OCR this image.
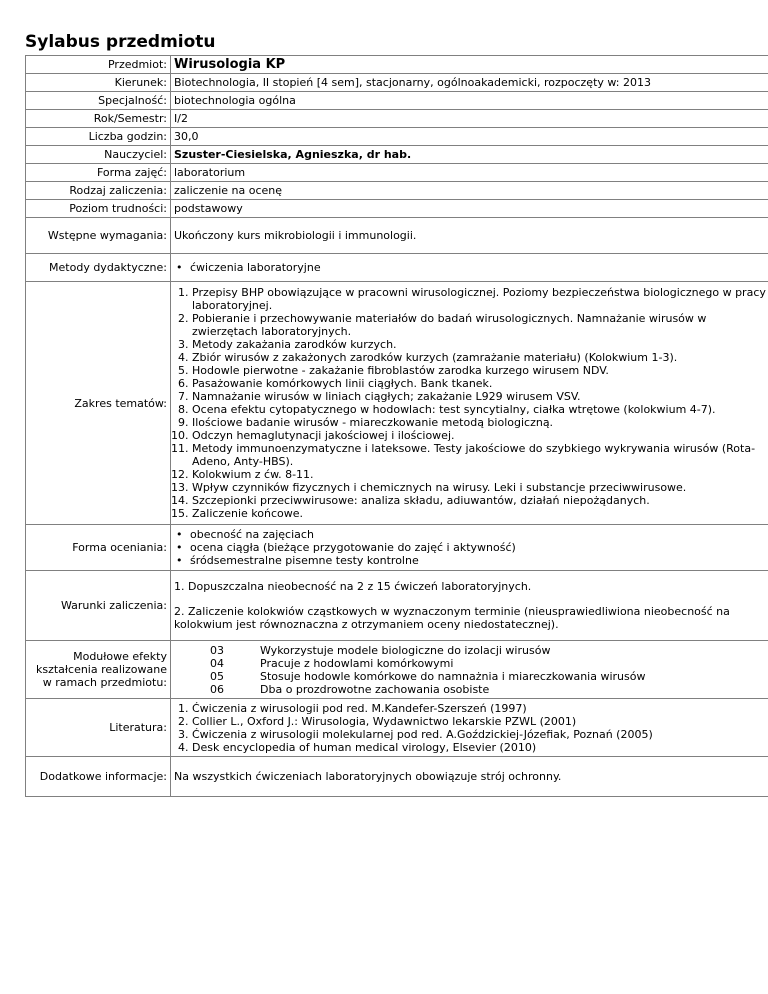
Sylabus przedmiotu
Przedmiot:	Wirusologia KP
Kierunek:	Biotechnologia, II stopień [4 sem], stacjonarny, ogólnoakademicki, rozpoczęty w: 2013
Specjalność:	biotechnologia ogólna
Rok/Semestr:	I/2
Liczba godzin:	30,0
Nauczyciel:	Szuster-Ciesielska, Agnieszka, dr hab.
Forma zajęć:	laboratorium
Rodzaj zaliczenia:	zaliczenie na ocenę
Poziom trudności:	podstawowy
Wstępne wymagania:	Ukończony kurs mikrobiologii i immunologii.
Metody dydaktyczne:	
•ćwiczenia laboratoryjne

Zakres tematów:	
1. Przepisy BHP obowiązujące w pracowni wirusologicznej. Poziomy bezpieczeństwa biologicznego w pracy laboratoryjnej.
2. Pobieranie i przechowywanie materiałów do badań wirusologicznych. Namnażanie wirusów w zwierzętach laboratoryjnych.
3. Metody zakażania zarodków kurzych.
4. Zbiór wirusów z zakażonych zarodków kurzych (zamrażanie materiału) (Kolokwium 1-3).
5. Hodowle pierwotne - zakażanie fibroblastów zarodka kurzego wirusem NDV.
6. Pasażowanie komórkowych linii ciągłych. Bank tkanek.
7. Namnażanie wirusów w liniach ciągłych; zakażanie L929 wirusem VSV.
8. Ocena efektu cytopatycznego w hodowlach: test syncytialny, ciałka wtrętowe (kolokwium 4-7).
9. Ilościowe badanie wirusów - miareczkowanie metodą biologiczną.
10. Odczyn hemaglutynacji jakościowej i ilościowej.
11. Metody immunoenzymatyczne i lateksowe. Testy jakościowe do szybkiego wykrywania wirusów (Rota-Adeno, Anty-HBS).
12. Kolokwium z ćw. 8-11.
13. Wpływ czynników fizycznych i chemicznych na wirusy. Leki i substancje przeciwwirusowe.
14. Szczepionki przeciwwirusowe: analiza składu, adiuwantów, działań niepożądanych.
15. Zaliczenie końcowe.

Forma oceniania:	
• obecność na zajęciach
• ocena ciągła (bieżące przygotowanie do zajęć i aktywność)
• śródsemestralne pisemne testy kontrolne

Warunki zaliczenia:	
1. Dopuszczalna nieobecność na 2 z 15 ćwiczeń laboratoryjnych.
2. Zaliczenie kolokwiów cząstkowych w wyznaczonym terminie (nieusprawiedliwiona nieobecność na kolokwium jest równoznaczna z otrzymaniem oceny niedostatecznej).

Modułowe efekty kształcenia realizowane w ramach przedmiotu:	
03	Wykorzystuje modele biologiczne do izolacji wirusów
04	Pracuje z hodowlami komórkowymi
05	Stosuje hodowle komórkowe do namnażnia i miareczkowania wirusów
06	Dba o prozdrowotne zachowania osobiste

Literatura:	
1. Ćwiczenia z wirusologii pod red. M.Kandefer-Szerszeń (1997)
2. Collier L., Oxford J.: Wirusologia, Wydawnictwo lekarskie PZWL (2001)
3. Ćwiczenia z wirusologii molekularnej pod red. A.Goździckiej-Józefiak, Poznań (2005)
4. Desk encyclopedia of human medical virology, Elsevier (2010)

Dodatkowe informacje:	Na wszystkich ćwiczeniach laboratoryjnych obowiązuje strój ochronny.
